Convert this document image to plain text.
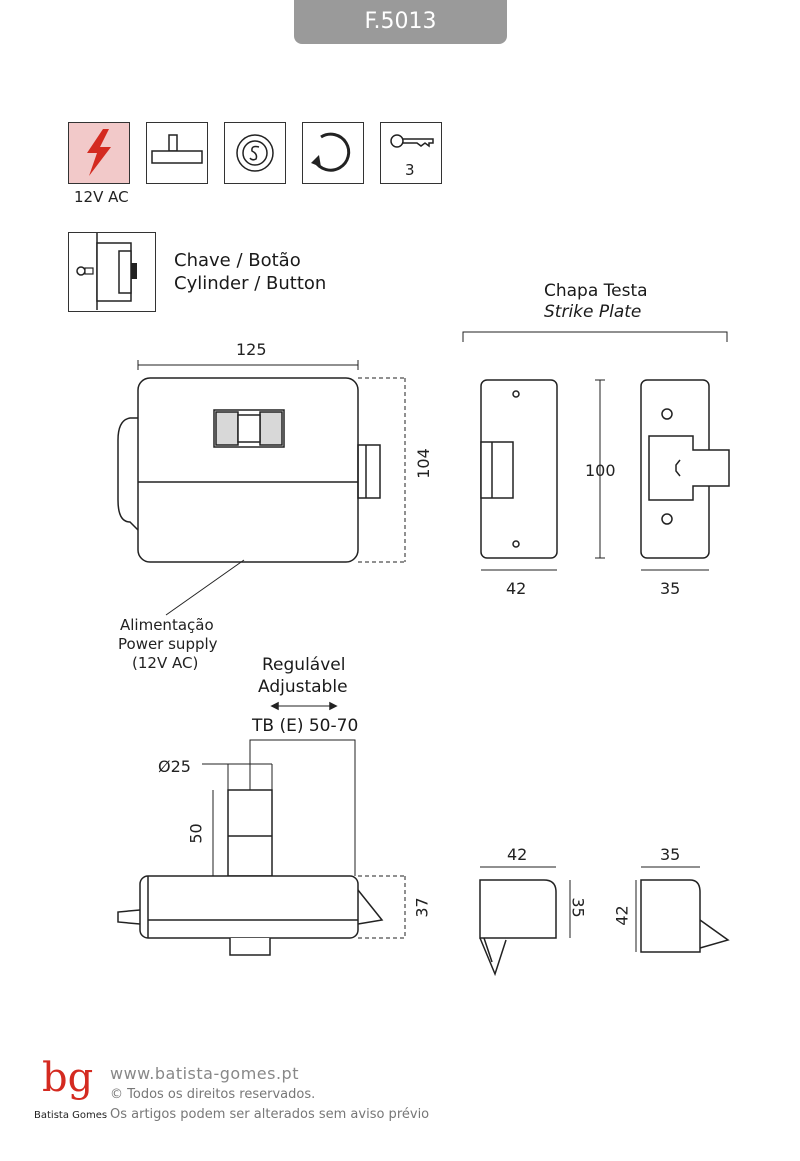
F.5013
12V AC
3
Chave / Botão
Cylinder / Button	Chapa Testa
Strike Plate
125
104	100
42	35
Alimentação
Power supply
(12V AC)	Regulável
Adjustable
TB (E) 50-70
Ø25
50
37
42
35
35
42
bg
Batista Gomes
www.batista-gomes.pt
© Todos os direitos reservados.
Os artigos podem ser alterados sem aviso prévio
